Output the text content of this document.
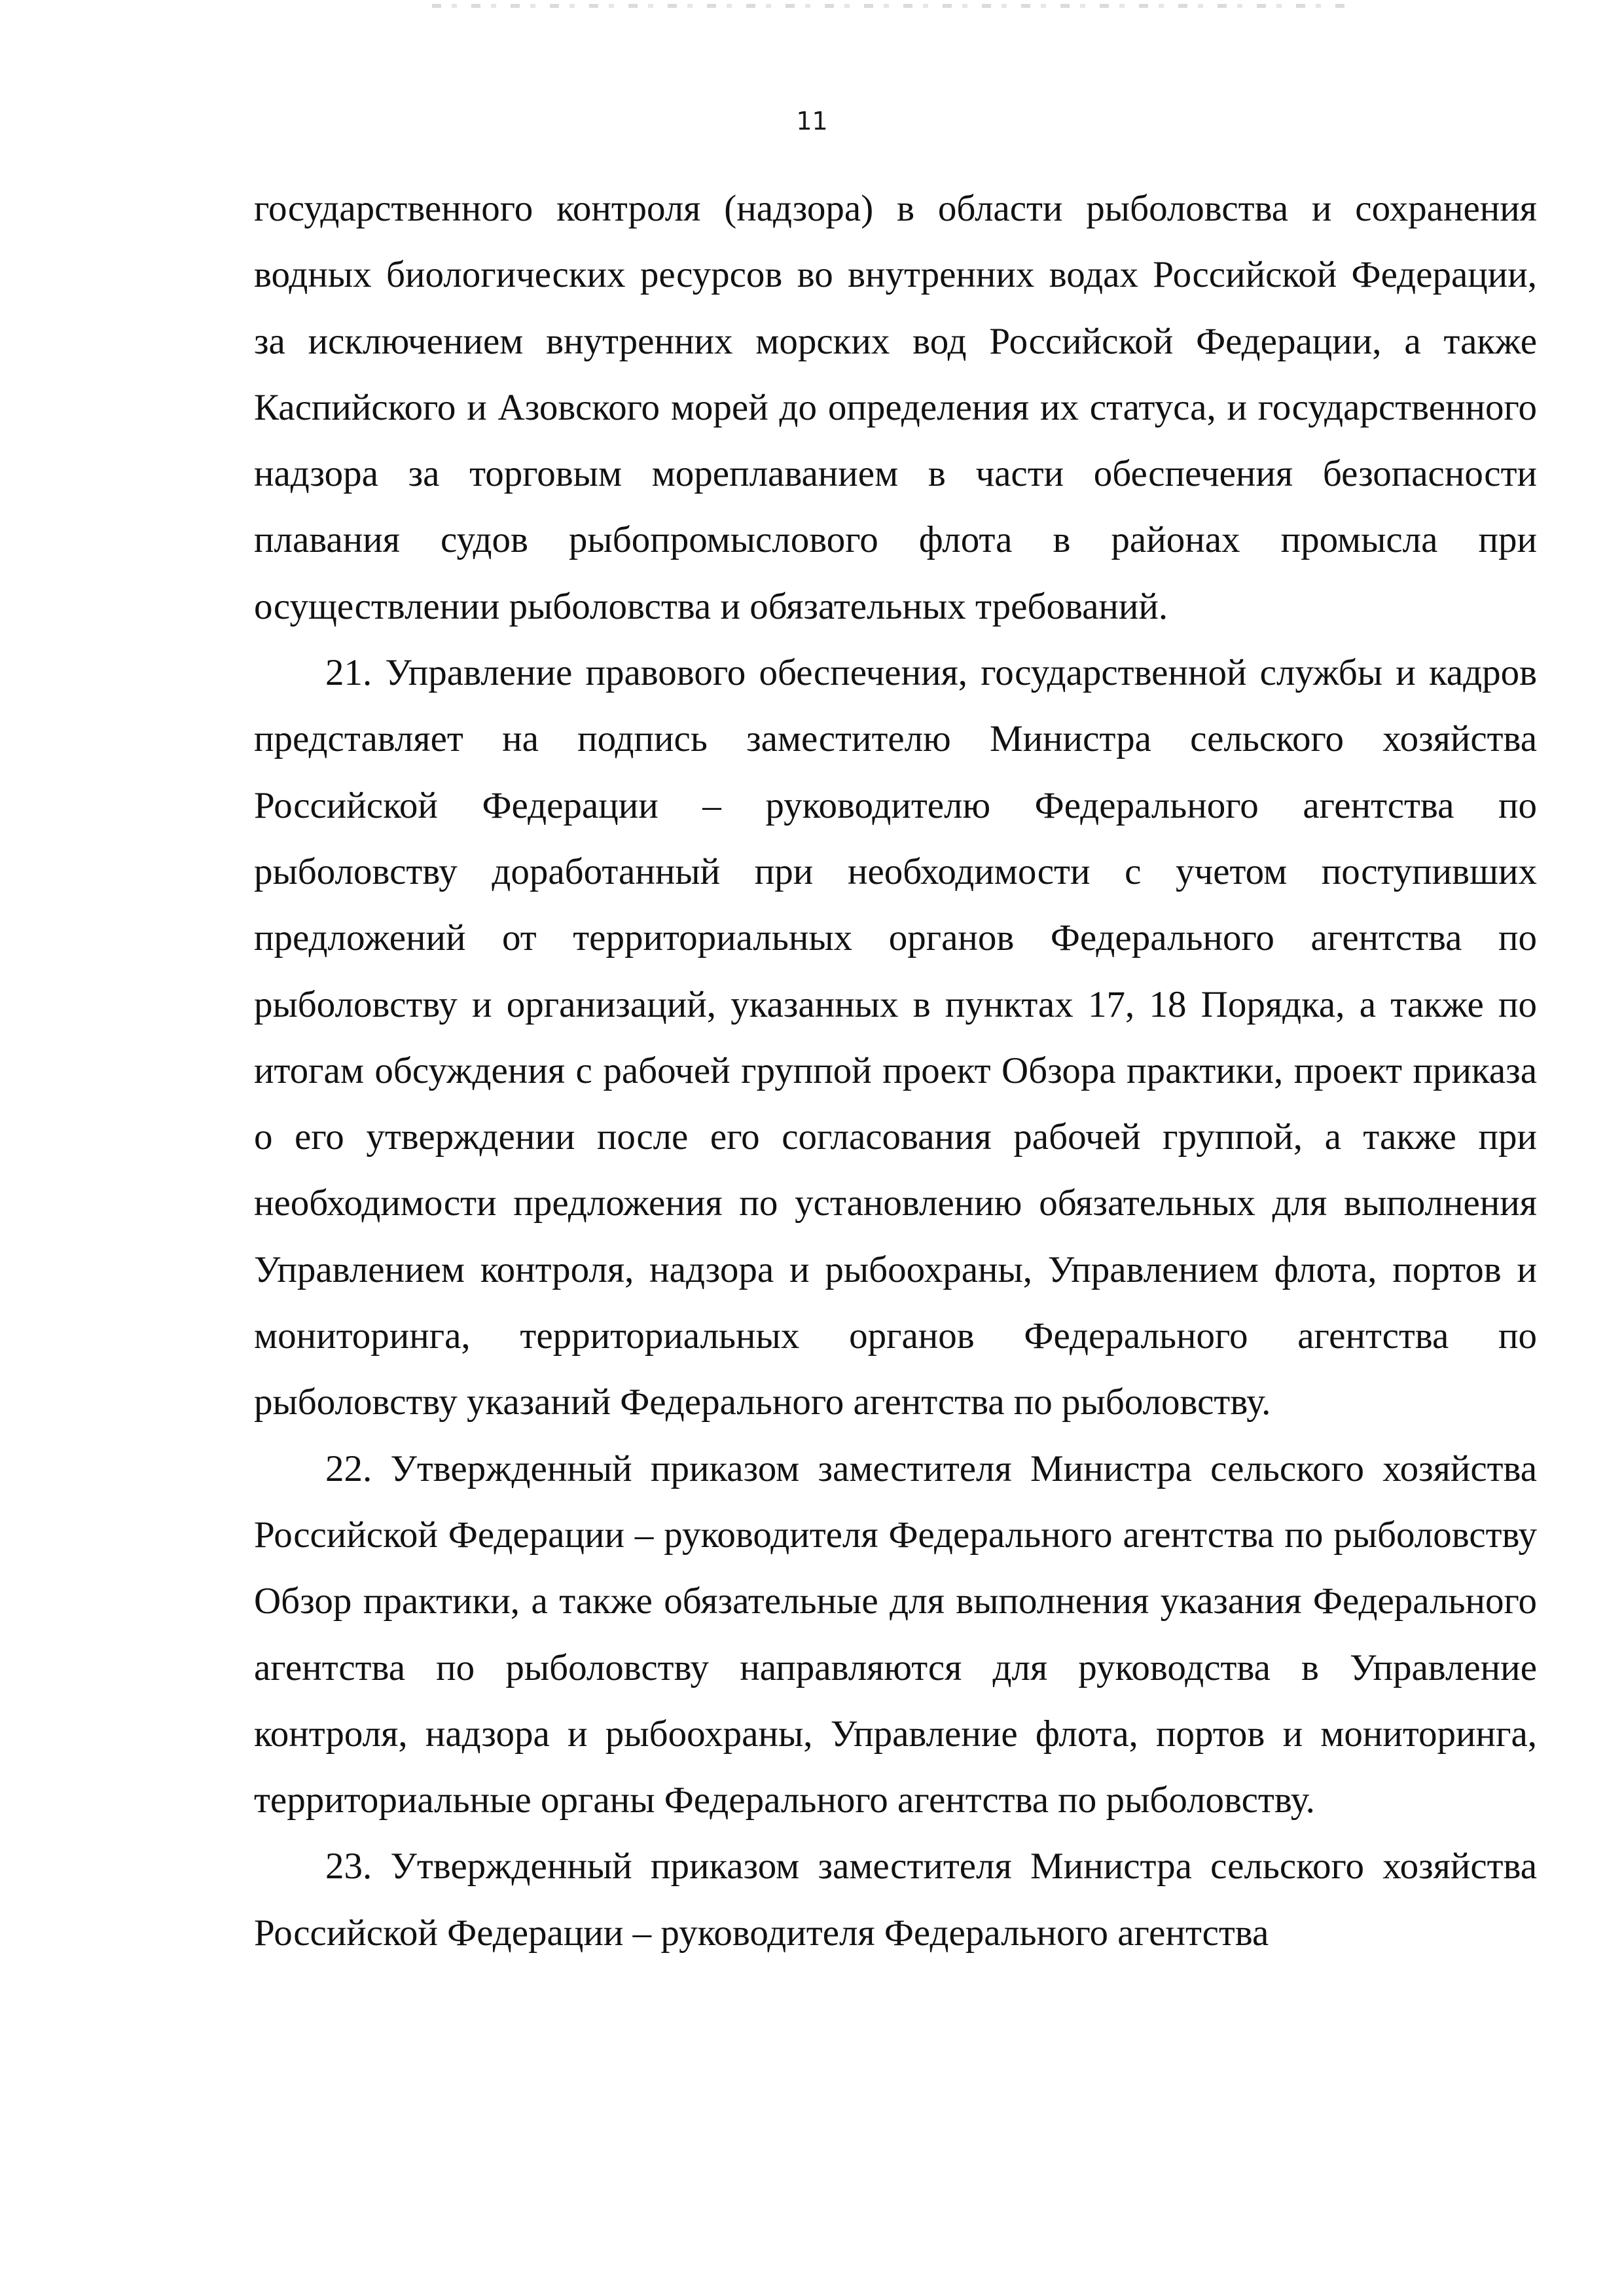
11

государственного контроля (надзора) в области рыболовства и сохранения водных биологических ресурсов во внутренних водах Российской Федерации, за исключением внутренних морских вод Российской Федерации, а также Каспийского и Азовского морей до определения их статуса, и государственного надзора за торговым мореплаванием в части обеспечения безопасности плавания судов рыбопромыслового флота в районах промысла при осуществлении рыболовства и обязательных требований.

21. Управление правового обеспечения, государственной службы и кадров представляет на подпись заместителю Министра сельского хозяйства Российской Федерации – руководителю Федерального агентства по рыболовству доработанный при необходимости с учетом поступивших предложений от территориальных органов Федерального агентства по рыболовству и организаций, указанных в пунктах 17, 18 Порядка, а также по итогам обсуждения с рабочей группой проект Обзора практики, проект приказа о его утверждении после его согласования рабочей группой, а также при необходимости предложения по установлению обязательных для выполнения Управлением контроля, надзора и рыбоохраны, Управлением флота, портов и мониторинга, территориальных органов Федерального агентства по рыболовству указаний Федерального агентства по рыболовству.

22. Утвержденный приказом заместителя Министра сельского хозяйства Российской Федерации – руководителя Федерального агентства по рыболовству Обзор практики, а также обязательные для выполнения указания Федерального агентства по рыболовству направляются для руководства в Управление контроля, надзора и рыбоохраны, Управление флота, портов и мониторинга, территориальные органы Федерального агентства по рыболовству.

23. Утвержденный приказом заместителя Министра сельского хозяйства Российской Федерации – руководителя Федерального агентства
